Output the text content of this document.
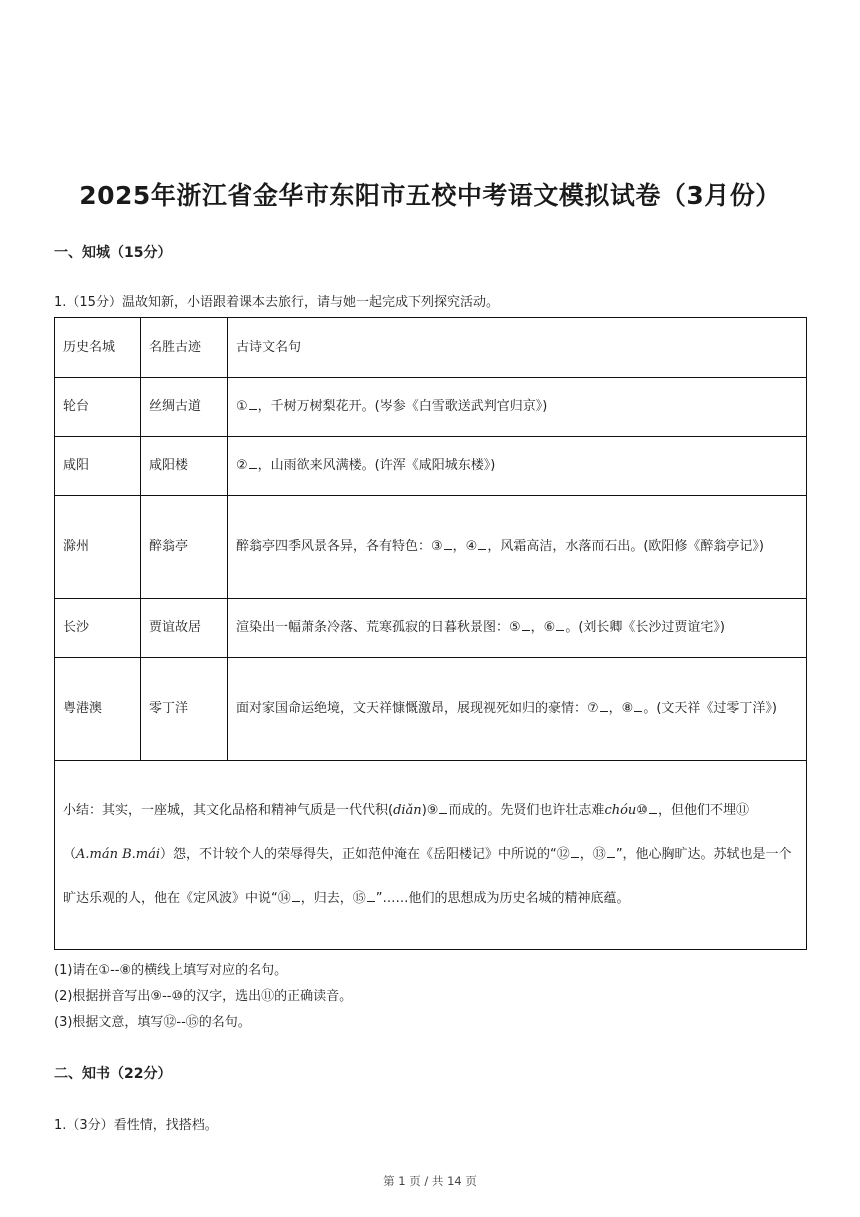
2025年浙江省金华市东阳市五校中考语文模拟试卷（3月份）
一、知城（15分）
1.（15分）温故知新，小语跟着课本去旅行，请与她一起完成下列探究活动。
历史名城	名胜古迹	古诗文名句
轮台	丝绸古道	① ，千树万树梨花开。(岑参《白雪歌送武判官归京》)
咸阳	咸阳楼	② ，山雨欲来风满楼。(许浑《咸阳城东楼》)
滁州	醉翁亭	醉翁亭四季风景各异，各有特色：③ ，④ ，风霜高洁，水落而石出。(欧阳修《醉翁亭记》)
长沙	贾谊故居	渲染出一幅萧条冷落、荒寒孤寂的日暮秋景图：⑤ ，⑥ 。(刘长卿《长沙过贾谊宅》)
粤港澳	零丁洋	面对家国命运绝境，文天祥慷慨激昂，展现视死如归的豪情：⑦ ，⑧ 。(文天祥《过零丁洋》)
小结：其实，一座城，其文化品格和精神气质是一代代积(diǎn)⑨ 而成的。先贤们也许壮志难chóu⑩ ，但他们不埋⑪（A.mán B.mái）怨，不计较个人的荣辱得失，正如范仲淹在《岳阳楼记》中所说的“⑫ ，⑬ ”，他心胸旷达。苏轼也是一个旷达乐观的人，他在《定风波》中说“⑭ ，归去，⑮ ”……他们的思想成为历史名城的精神底蕴。		
(1)请在①--⑧的横线上填写对应的名句。
(2)根据拼音写出⑨--⑩的汉字，选出⑪的正确读音。
(3)根据文意，填写⑫--⑮的名句。
二、知书（22分）
1.（3分）看性情，找搭档。
第 1 页 / 共 14 页
